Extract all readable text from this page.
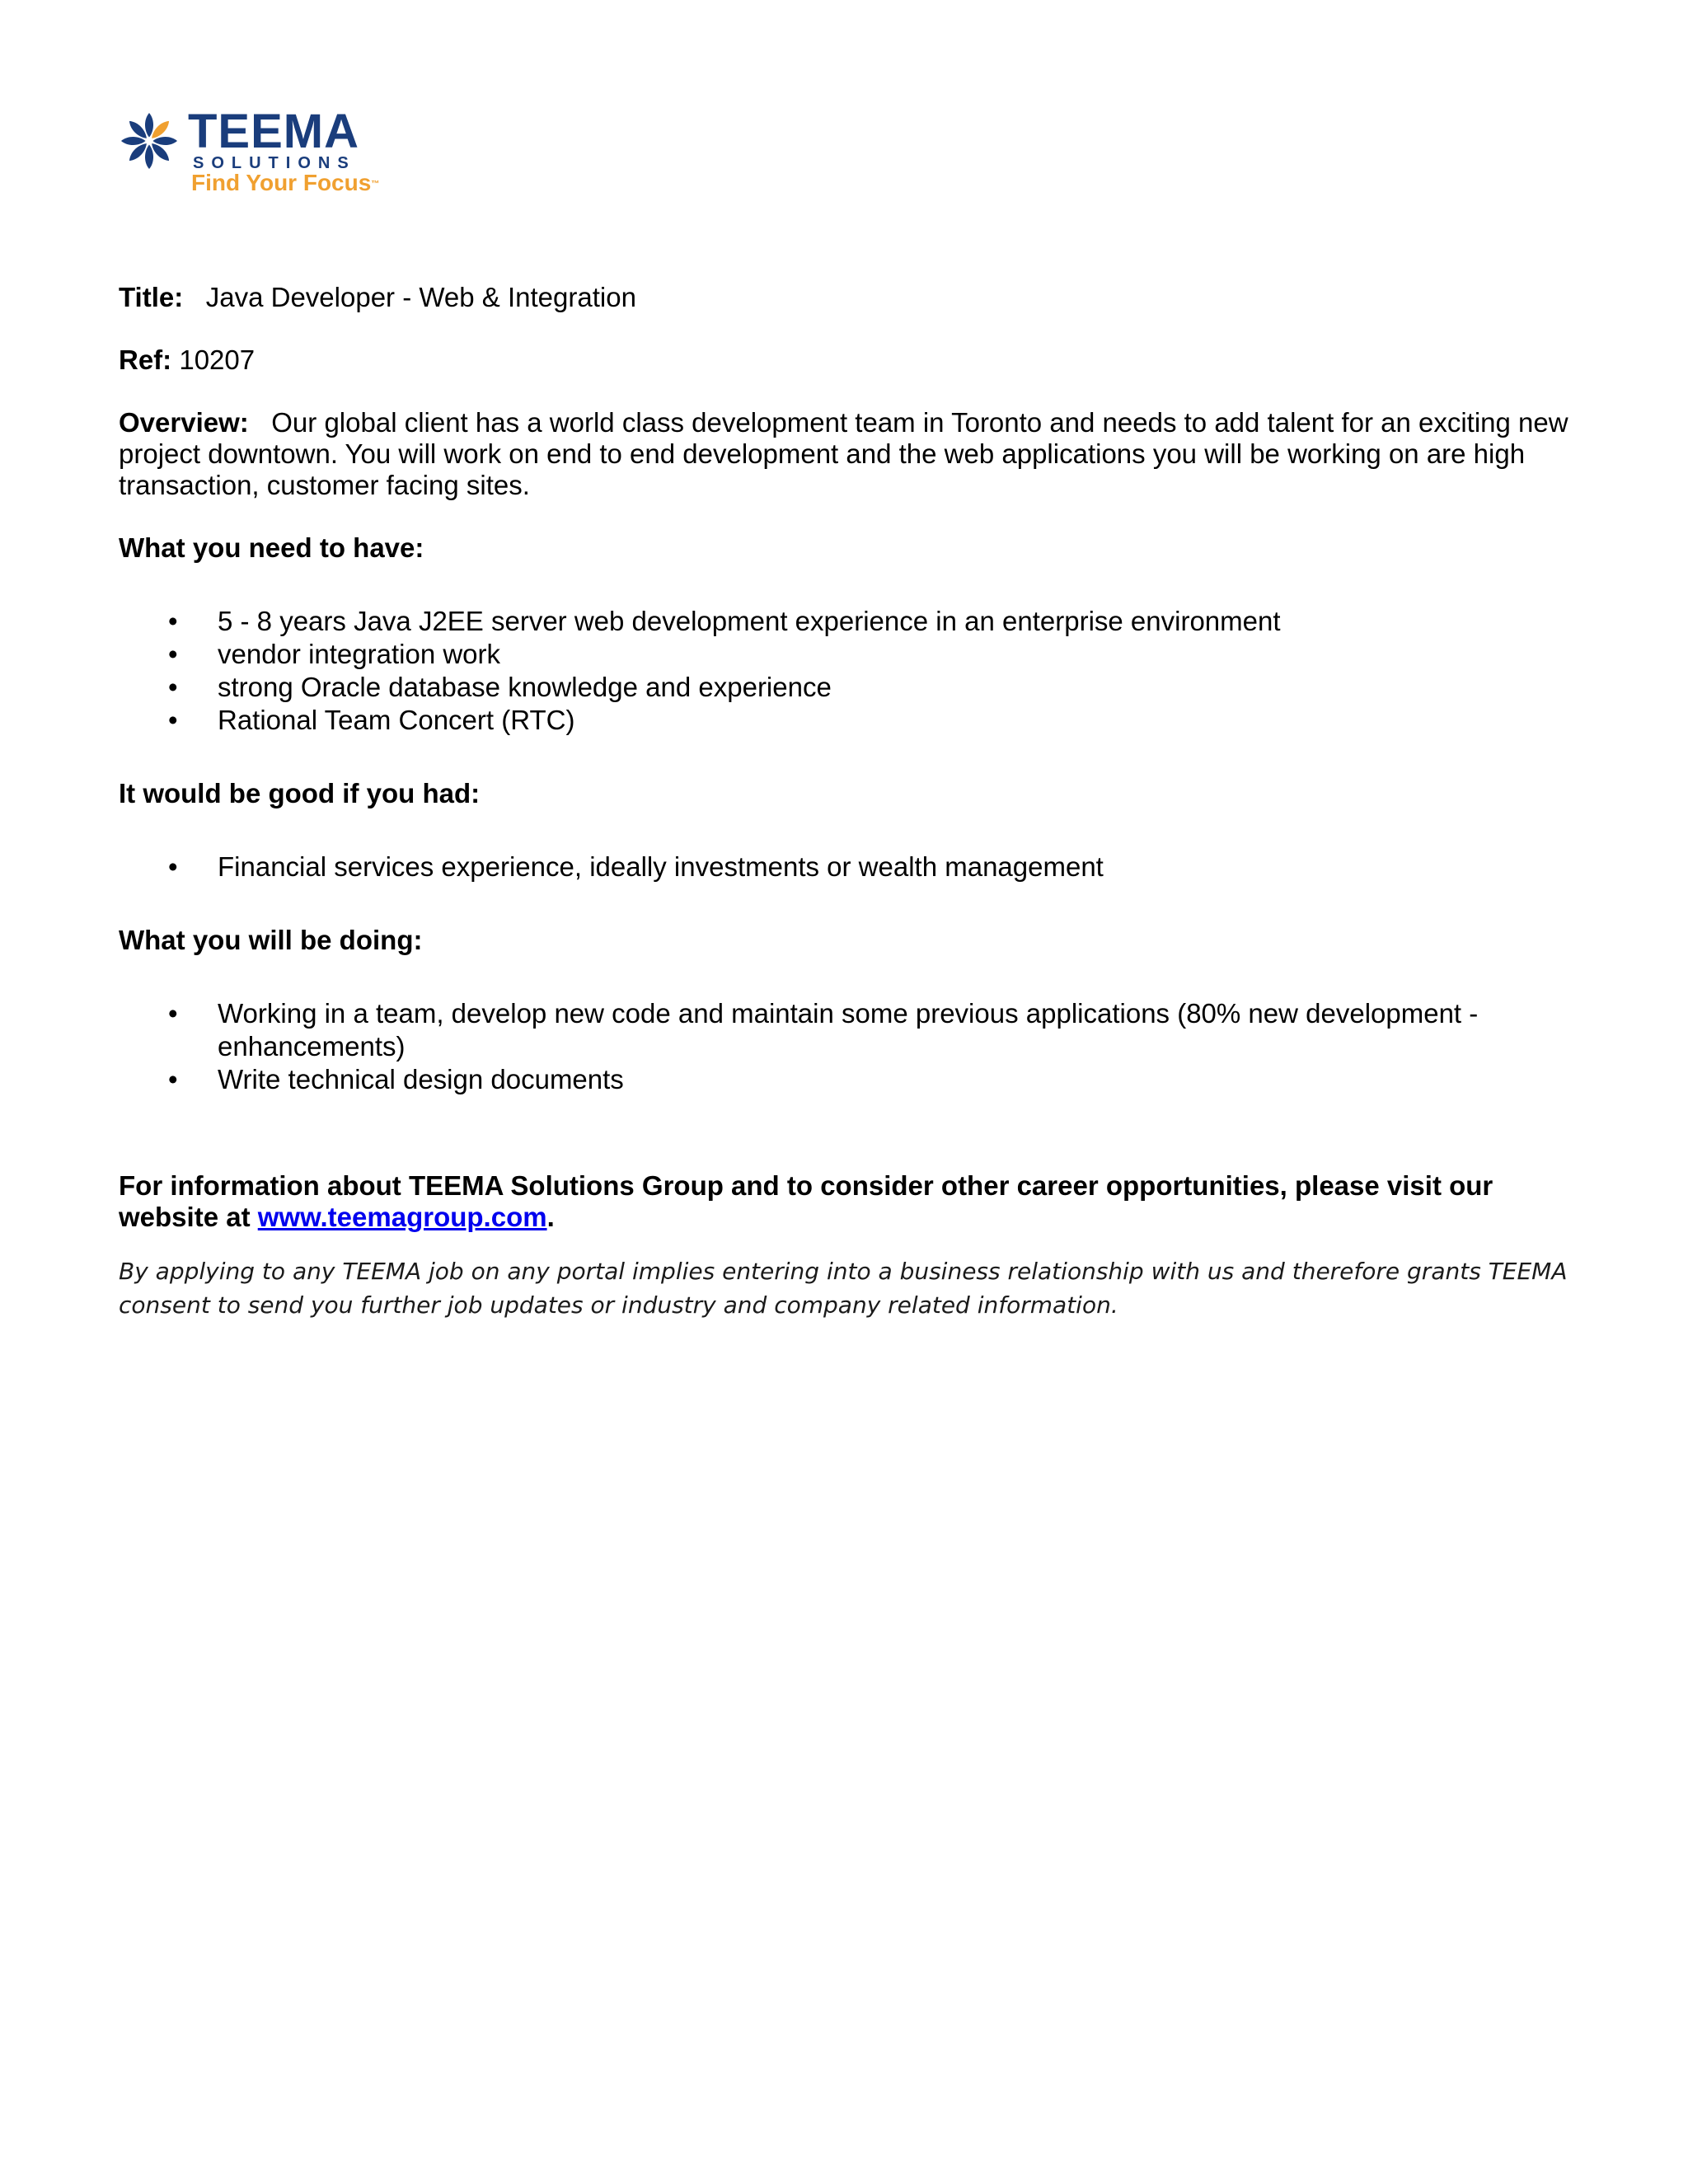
TEEMA
SOLUTIONS
Find Your Focus™

Title: Java Developer - Web & Integration

Ref: 10207

Overview: Our global client has a world class development team in Toronto and needs to add talent for an exciting new project downtown. You will work on end to end development and the web applications you will be working on are high transaction, customer facing sites.

What you need to have:

• 5 - 8 years Java J2EE server web development experience in an enterprise environment
• vendor integration work
• strong Oracle database knowledge and experience
• Rational Team Concert (RTC)

It would be good if you had:

• Financial services experience, ideally investments or wealth management

What you will be doing:

• Working in a team, develop new code and maintain some previous applications (80% new development - enhancements)
• Write technical design documents

For information about TEEMA Solutions Group and to consider other career opportunities, please visit our website at www.teemagroup.com.

By applying to any TEEMA job on any portal implies entering into a business relationship with us and therefore grants TEEMA consent to send you further job updates or industry and company related information.
